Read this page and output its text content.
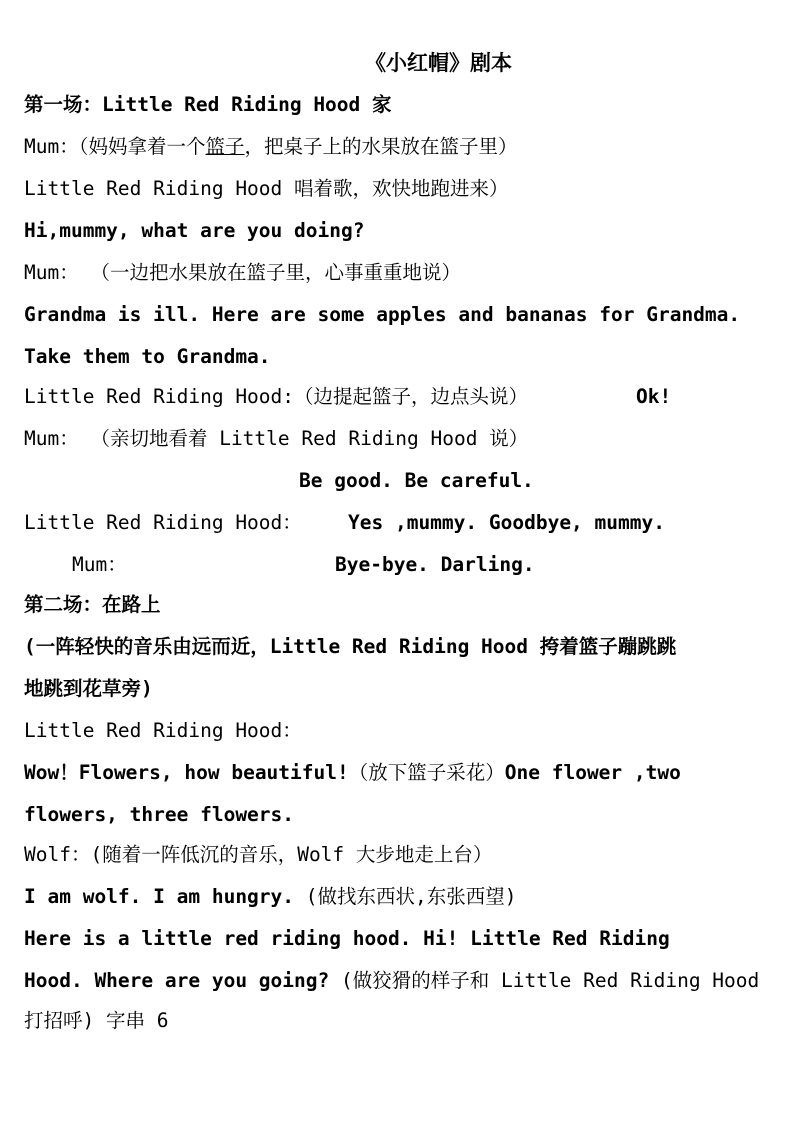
《小红帽》剧本
第一场：Little Red Riding Hood 家
Mum：（妈妈拿着一个篮子，把桌子上的水果放在篮子里）
Little Red Riding Hood 唱着歌，欢快地跑进来）
Hi,mummy, what are you doing?
Mum： （一边把水果放在篮子里，心事重重地说）
Grandma is ill. Here are some apples and bananas for Grandma.
Take them to Grandma.
Little Red Riding Hood:（边提起篮子，边点头说）	Ok!
Mum： （亲切地看着 Little Red Riding Hood 说）
Be good. Be careful.
Little Red Riding Hood： Yes ,mummy. Goodbye, mummy.
Mum：	Bye-bye. Darling.
第二场：在路上
(一阵轻快的音乐由远而近，Little Red Riding Hood 挎着篮子蹦跳跳
地跳到花草旁)
Little Red Riding Hood：
Wow！Flowers, how beautiful!（放下篮子采花）One flower ,two
flowers, three flowers.
Wolf：(随着一阵低沉的音乐，Wolf 大步地走上台）
I am wolf. I am hungry. (做找东西状,东张西望)
Here is a little red riding hood. Hi! Little Red Riding
Hood. Where are you going? (做狡猾的样子和 Little Red Riding Hood
打招呼) 字串 6
